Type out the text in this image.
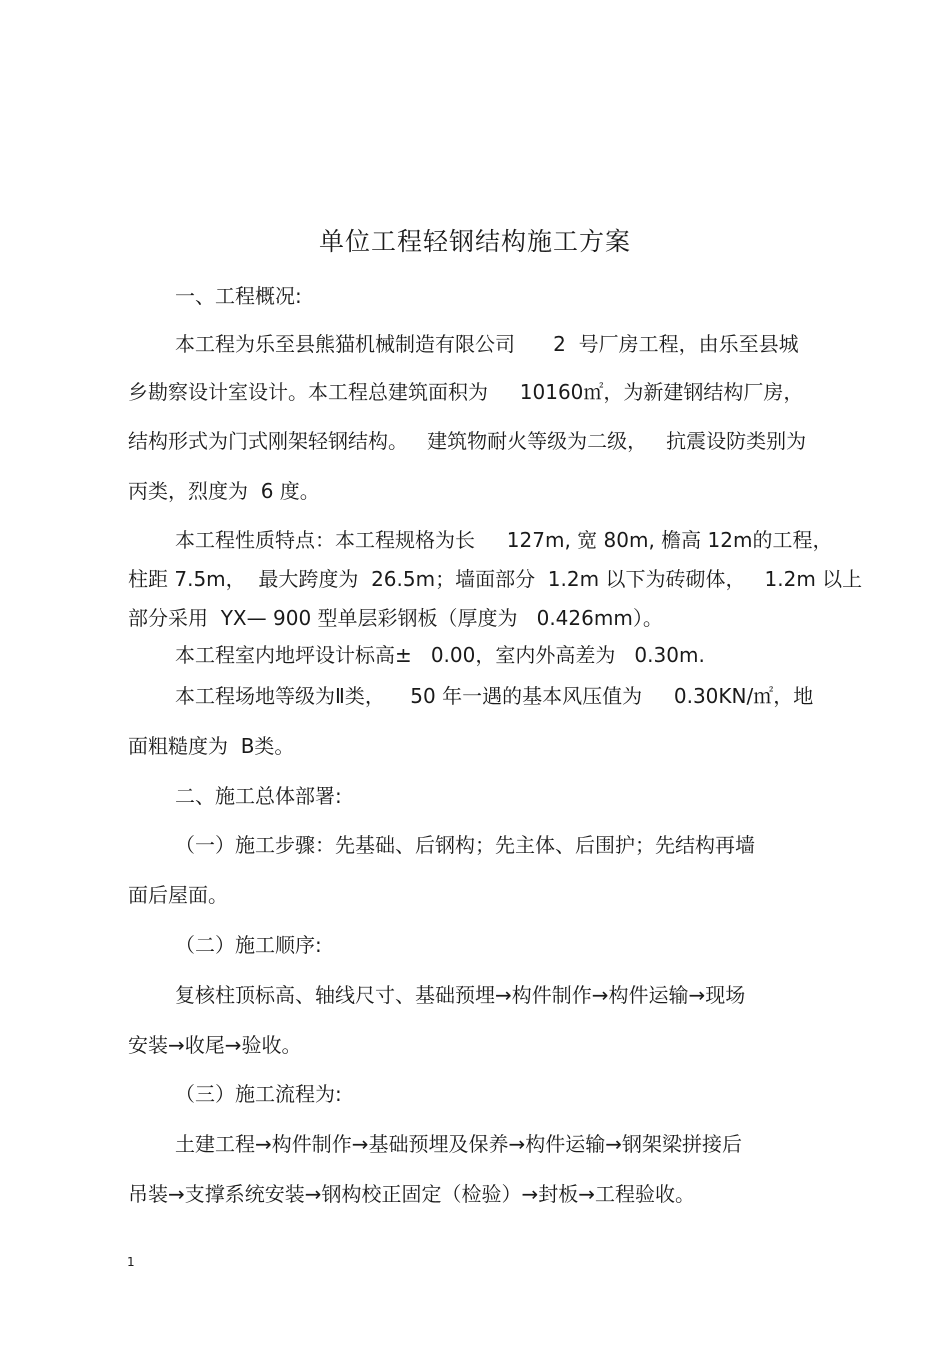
单位工程轻钢结构施工方案
一、工程概况:
本工程为乐至县熊猫机械制造有限公司      2  号厂房工程，由乐至县城
乡勘察设计室设计。本工程总建筑面积为     10160㎡，为新建钢结构厂房，
结构形式为门式刚架轻钢结构。   建筑物耐火等级为二级，   抗震设防类别为
丙类，烈度为  6 度。
本工程性质特点：本工程规格为长     127m, 宽 80m, 檐高 12m的工程，
柱距 7.5m，  最大跨度为  26.5m；墙面部分  1.2m 以下为砖砌体，   1.2m 以上
部分采用  YX— 900 型单层彩钢板（厚度为   0.426mm）。
本工程室内地坪设计标高±   0.00，室内外高差为   0.30m.
本工程场地等级为Ⅱ类，    50 年一遇的基本风压值为     0.30KN/㎡，地
面粗糙度为  B类。
二、施工总体部署:
（一）施工步骤：先基础、后钢构；先主体、后围护；先结构再墙
面后屋面。
（二）施工顺序:
复核柱顶标高、轴线尺寸、基础预埋→构件制作→构件运输→现场
安装→收尾→验收。
（三）施工流程为:
土建工程→构件制作→基础预埋及保养→构件运输→钢架梁拼接后
吊装→支撑系统安装→钢构校正固定（检验）→封板→工程验收。
1
